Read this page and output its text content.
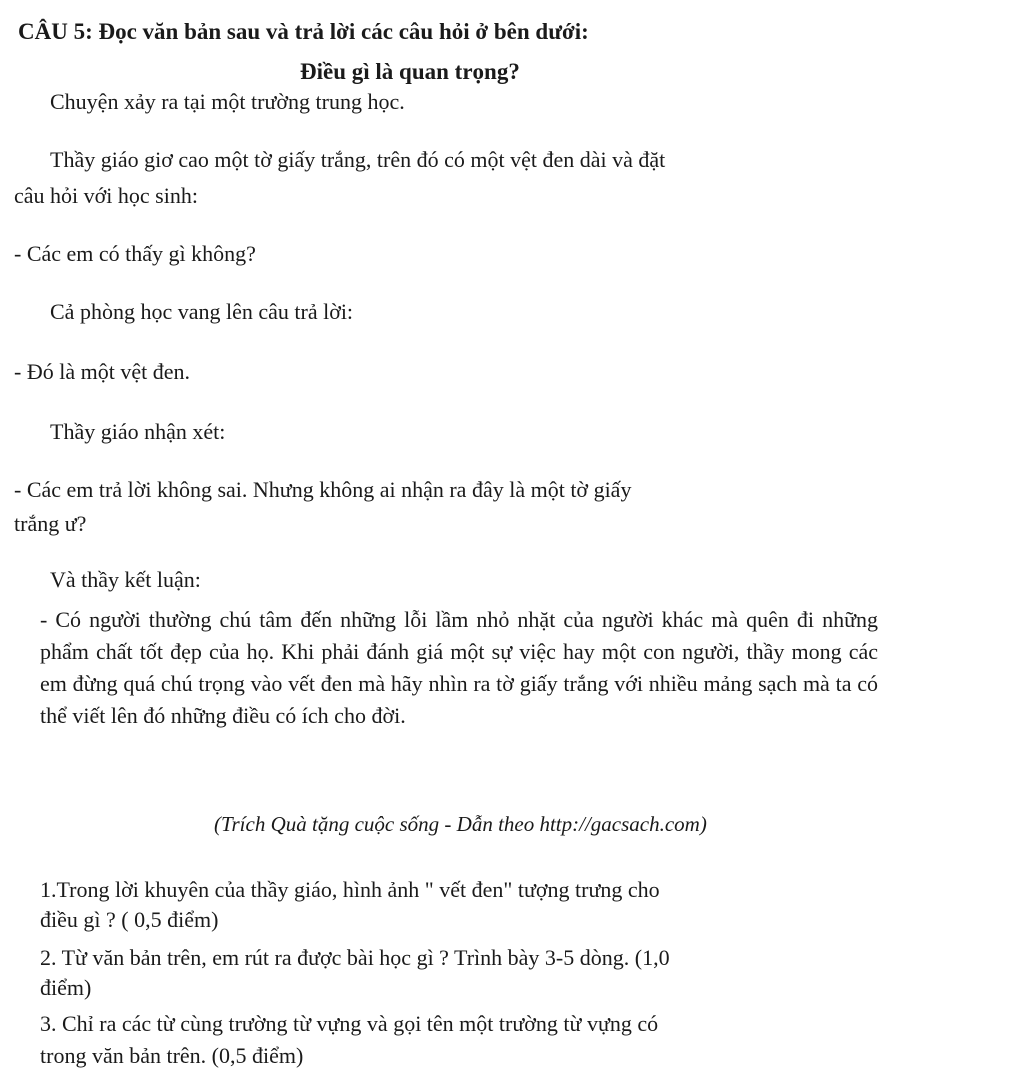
CÂU 5: Đọc văn bản sau và trả lời các câu hỏi ở bên dưới:
Điều gì là quan trọng?
Chuyện xảy ra tại một trường trung học.
Thầy giáo giơ cao một tờ giấy trắng, trên đó có một vệt đen dài và đặt
câu hỏi với học sinh:
- Các em có thấy gì không?
Cả phòng học vang lên câu trả lời:
- Đó là một vệt đen.
Thầy giáo nhận xét:
- Các em trả lời không sai. Nhưng không ai nhận ra đây là một tờ giấy
trắng ư?
Và thầy kết luận:
- Có người thường chú tâm đến những lỗi lầm nhỏ nhặt của người khác mà quên đi những phẩm chất tốt đẹp của họ. Khi phải đánh giá một sự việc hay một con người, thầy mong các em đừng quá chú trọng vào vết đen mà hãy nhìn ra tờ giấy trắng với nhiều mảng sạch mà ta có thể viết lên đó những điều có ích cho đời.
(Trích Quà tặng cuộc sống - Dẫn theo http://gacsach.com)
1.Trong lời khuyên của thầy giáo, hình ảnh " vết đen" tượng trưng cho
điều gì ? ( 0,5 điểm)
2. Từ văn bản trên, em rút ra được bài học gì ? Trình bày 3-5 dòng. (1,0
điểm)
3. Chỉ ra các từ cùng trường từ vựng và gọi tên một trường từ vựng có
trong văn bản trên. (0,5 điểm)
